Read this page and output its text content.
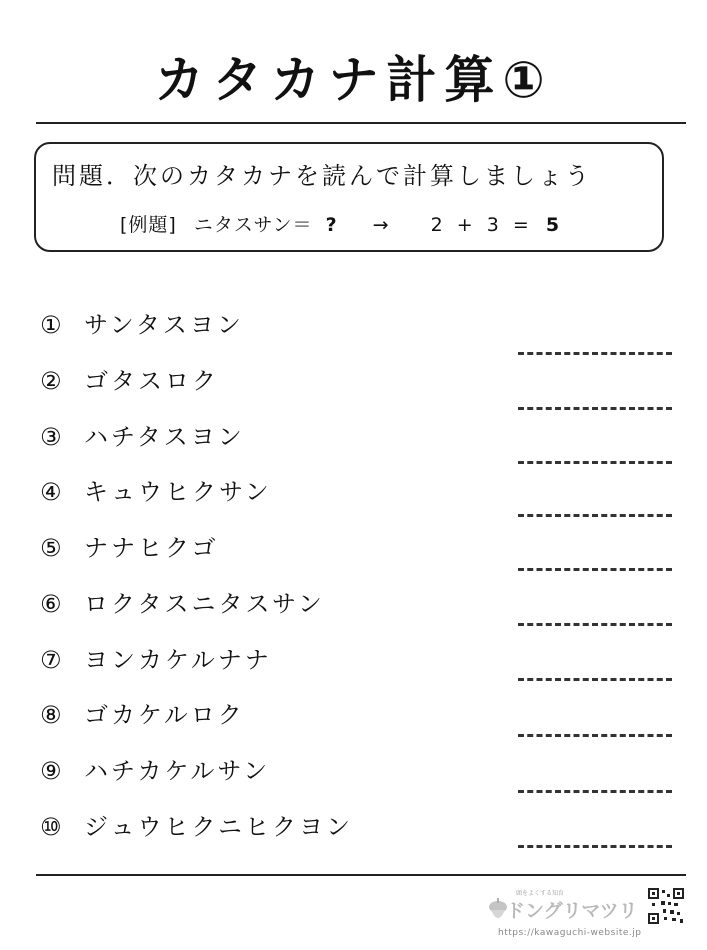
カタカナ計算①
問題．次のカタカナを読んで計算しましょう
[例題] ニタスサン＝ ? → 2 + 3 = 5
① サンタスヨン
② ゴタスロク
③ ハチタスヨン
④ キュウヒクサン
⑤ ナナヒクゴ
⑥ ロクタスニタスサン
⑦ ヨンカケルナナ
⑧ ゴカケルロク
⑨ ハチカケルサン
⑩ ジュウヒクニヒクヨン
頭をよくする知育
ドングリマツリ
https://kawaguchi-website.jp
